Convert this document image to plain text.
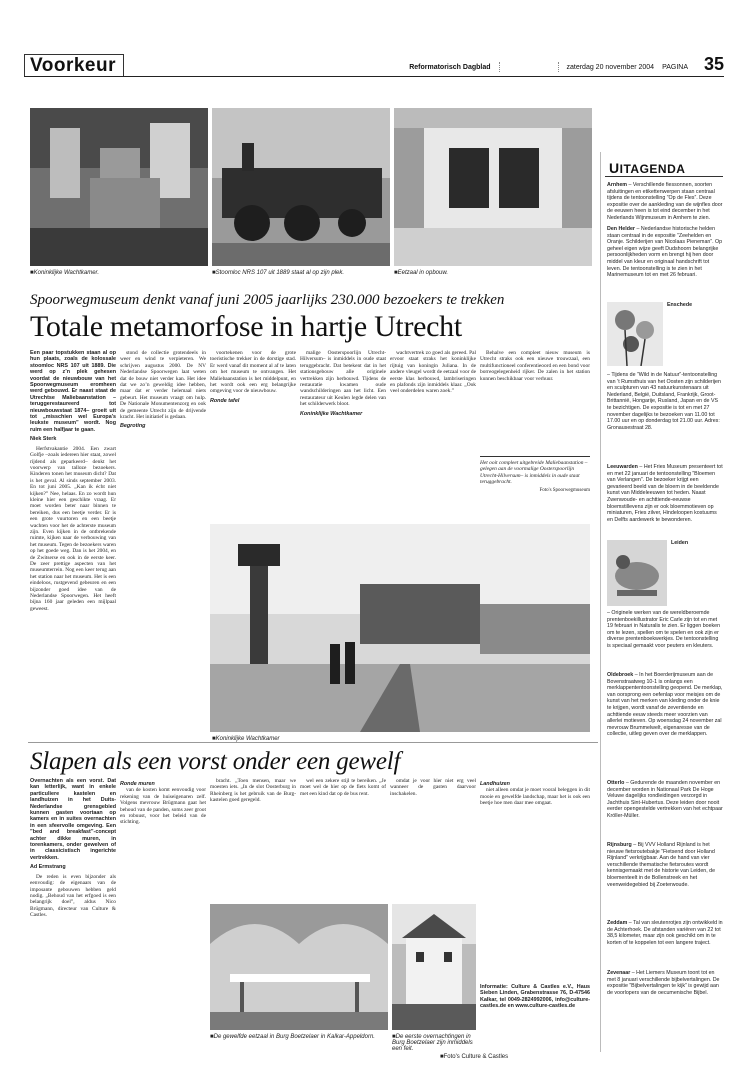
Voorkeur	Reformatorisch Dagblad	zaterdag 20 november 2004 PAGINA 35
■ Koninklijke Wachtkamer.	■ Stoomloc NRS 107 uit 1889 staat al op zijn plek.	■ Eetzaal in opbouw.
Spoorwegmuseum denkt vanaf juni 2005 jaarlijks 230.000 bezoekers te trekken
Totale metamorfose in hartje Utrecht
Een paar topstukken staan al op hun plaats, zoals de kolossale stoomloc NRS 107 uit 1889. Die werd op z’n plek gehesen voordat de nieuwbouw van het Spoorwegmuseum eromheen werd gebouwd. Er naast staat de Utrechtse Maliebaanstation –teruggerestaureerd tot nieuwbouwstaat 1874– groeit uit tot „misschien wel Europa’s leukste museum” wordt. Nog ruim een halfjaar te gaan.
Niek Sterk

Herfstvakantie 2004. Een zwart Golfje –zoals iedereen hier staat, zowel rijdend als geparkeerd– denkt het voorwerp van talloze bezoekers. Kinderen tonen het museum dicht? Dat is het geval. Al sinds september 2003. En tot juni 2005. „Kan ik écht niet kijken?” Nee, helaas. En zo wordt hun kleine hier een geschikte vraag. Er moet worden beter naar binnen te bereiken, dus een beetje verder. Er is een grote vuurtoren en een beetje wachten voor het de achterste museum zijn. Even kijken in de ontbrekende ruimte, kijken naar de verbouwing van het museum. Tegen de bezoekers waren op het goede weg. Dan is het 2004, en de Zwitserse en ook in de eerste keer. De zeer prettige aspecten van het museumterrein. Nog een keer terug aan het station naar het museum. Het is een eindeloos, rustgevend gebeuren en een bijzonder goed idee van de Nederlandse Spoorwegen. Het heeft bijna 160 jaar geleden een mijlpaal geweest.

stond de collectie grotendeels in weer en wind te verpieteren. We schrijven augustus 2000. De NV Nederlandse Spoorwegen laat weten dat de bouw niet verder kan. Het idee dat we zo’n geweldig idee hebben, maar dat er verder helemaal niets gebeurt. Het museum vraagt om hulp. De Nationale Monumentenzorg en ook de gemeente Utrecht zijn de drijvende kracht. Het initiatief is gedaan.

Begroting

voortekenen voor de grote toeristische trekker in de dorstige stad. Er werd vanaf dit moment al af te laten om het museum te ontvangen. Het Maliebaanstation is het middelpunt, en het wordt ook een erg belangrijke omgeving voor de nieuwbouw.

Ronde tafel

malige Oosterspoorlijn Utrecht-Hilversum– is inmiddels in oude staat teruggebracht. Dat betekent dat in het stationsgebouw alle originele vertrekken zijn herbouwd. Tijdens de restauratie kwamen oude wandschilderingen aan het licht. Een restaurateur uit Keulen legde delen van het schilderwerk bloot.

Koninklijke Wachtkamer

wachtvertrek zo goed als gereed. Pal ervoor staat straks het koninklijke rijtuig van koningin Juliana. In de andere vleugel wordt de eetzaal voor de eerste klas herbouwd, lambriseringen en plafonds zijn inmiddels klaar. „Ook veel onderdelen waren zoek.”

Behalve een compleet nieuw museum is Utrecht straks ook een nieuwe trouwzaal, een multifunctioneel conferentieoord en een bond voor borreogelegenheid rijker. De zalen in het station kunnen beschikbaar voor verhuur.

Het ooit compleet uitgebreide Maliebaanstation –gelegen aan de voormalige Oosterspoorlijn Utrecht-Hilversum– is inmiddels in oude staat teruggebracht.
Foto's Spoorwegmuseum
■ Koninklijke Wachtkamer
Slapen als een vorst onder een gewelf
Overnachten als een vorst. Dat kan letterlijk, want in enkele particuliere kastelen en landhuizen in het Duits-Nederlandse grensgebied kunnen gasten voortaan op kamers en in suites overnachten in een sfeervolle omgeving. Een ”bed and breakfast”-concept achter dikke muren, in torenkamers, onder gewelven of in classicistisch ingerichte vertrekken.
Ad Ermstrang

De reden is even bijzonder als eenvoudig: de eigenaars van de imposante gebouwen hebben geld nodig. „Behoud van het erfgoed is een belangrijk doel”, aldus Nico Brügmann, directeur van Culture & Castles.

Ronde muren

van de kosten komt eenvoudig voor rekening van de huiseigenaren zelf. Volgens mevrouw Brügmann gaat het behoud van de panden, soms zeer groot en robuust, voor het beleid van de stichting.

bracht. „Toen mensen, maar we moesten iets. „In de slot Oosterburg in Rheinberg is het gebruik van de Burg-kastelen goed geregeld.

wel een zekere stijl te bereiken. „Je moet wel de hier op de fiets komt of met een kind dat op de bus rent.

omdat je voor hier niet erg veel wanneer de gasten daarvoor inschakelen.

Landhuizen

niet alleen omdat je moet vooral beleggen in dit mooie en gewelfde landschap, maar het is ook een beetje hoe men daar mee omgaat.

Informatie: Culture & Castles e.V., Haus Sieben Linden, Grabenstrasse 76, D-47546 Kalkar, tel 0049-2824992006, info@culture-castles.de en www.culture-castles.de
■ De gewelfde eetzaal in Burg Boetzelaer in Kalkar-Appeldorn.	■ De eerste overnachtingen in Burg Boetzelaer zijn inmiddels een feit.
■ Foto's Culture & Castles
UITAGENDA
Arnhem – Verschillende fiessonnen, soorten afsluitingen en etikettenwerpen staan centraal tijdens de tentoonstelling ”Op de Fles”. Deze expositie over de aankleding van de wijnfles door de eeuwen heen is tot eind december in het Nederlands Wijnmuseum in Arnhem te zien.
Den Helder – Nederlandse historische helden staan centraal in de expositie ”Zeehelden en Oranje. Schilderijen van Nicolaas Pieneman”. Op geheel eigen wijze geeft Dudshoorn belangrijke persoonlijkheden vorm en brengt hij hen door middel van kleur en originaal handschrift tot leven. De tentoonstelling is te zien in het Marinemuseum tot en met 26 februari.
Enschede
– Tijdens de ”Wild in de Natuur”-tentoonstelling van ’t Rumsthuis van het Oosten zijn schilderijen en sculpturen van 43 natuurkunstenaars uit Nederland, België, Duitsland, Frankrijk, Groot-Brittannië, Hongarije, Rusland, Japan en de VS te bezichtigen. De expositie is tot en met 27 november dagelijks te bezoeken van 11.00 tot 17.00 uur en op donderdag tot 21.00 uur. Adres: Gronausestraat 28.
Leeuwarden – Het Fries Museum presenteert tot en met 22 januari de tentoonstelling ”Bloemen van Verlangen”. De bezoeker krijgt een gevarieerd beeld van de bloem in de beeldende kunst van Middeleeuwen tot heden. Naast Zwenwoude- en achttiende-eeuwse bloemstillevens zijn er ook bloemmotieven op miniaturen, Fries zilver, Hindeloopen kostuums en Delfts aardewerk te bewonderen.
Leiden
– Originele werken van de wereldberoemde prentenboekillustrator Eric Carle zijn tot en met 19 februari in Naturalis te zien. Er liggen boeken om te lezen, spellen om te spelen en ook zijn er diverse prentenboekwerkjes. De tentoonstelling is speciaal gemaakt voor peuters en kleuters.
Oldebroek – In het Boerderijmuseum aan de Bovenstraatweg 10-1 is onlangs een merklappententoonstelling geopend. De merklap, van oorsprong een oefenlap voor meisjes om de kunst van het merken van kleding onder de knie te krijgen, wordt vanaf de zeventiende en achttiende eeuw steeds meer voorzien van allerlei motieven. Op woensdag 24 november zal mevrouw Brummelwelt, eigenaresse van de collectie, uitleg geven over de merklappen.
Otterlo – Gedurende de maanden november en december worden in Nationaal Park De Hoge Veluwe dagelijks rondleidingen verzorgd in Jachthuis Sint-Hubertus. Deze leiden door nooit eerder opengestelde vertrekken van het echtpaar Kröller-Müller.
Rijnsburg – Bij VVV Holland Rijnland is het nieuwe fietsroutebakje ”Fietsend door Holland Rijnland” verkrijgbaar. Aan de hand van vier verschillende thematische fietsroutes wordt kennisgemaakt met de historie van Leiden, de bloementeelt in de Bollenstreek en het veenweidegebied bij Zoeterwoude.
Zeddam – Tal van sleutenrotjes zijn ontwikkeld in de Achterhoek. De afstanden variëren van 22 tot 38,5 kilometer, maar zijn ook geschikt om in te korten of te koppelen tot een langere traject.
Zevenaar – Het Liemers Museum toont tot en met 8 januari verschillende bijbelvertalingen. De expositie ”Bijbelvertalingen te kijk” is gewijd aan de voorlopers van de oecumenische Bijbel.
